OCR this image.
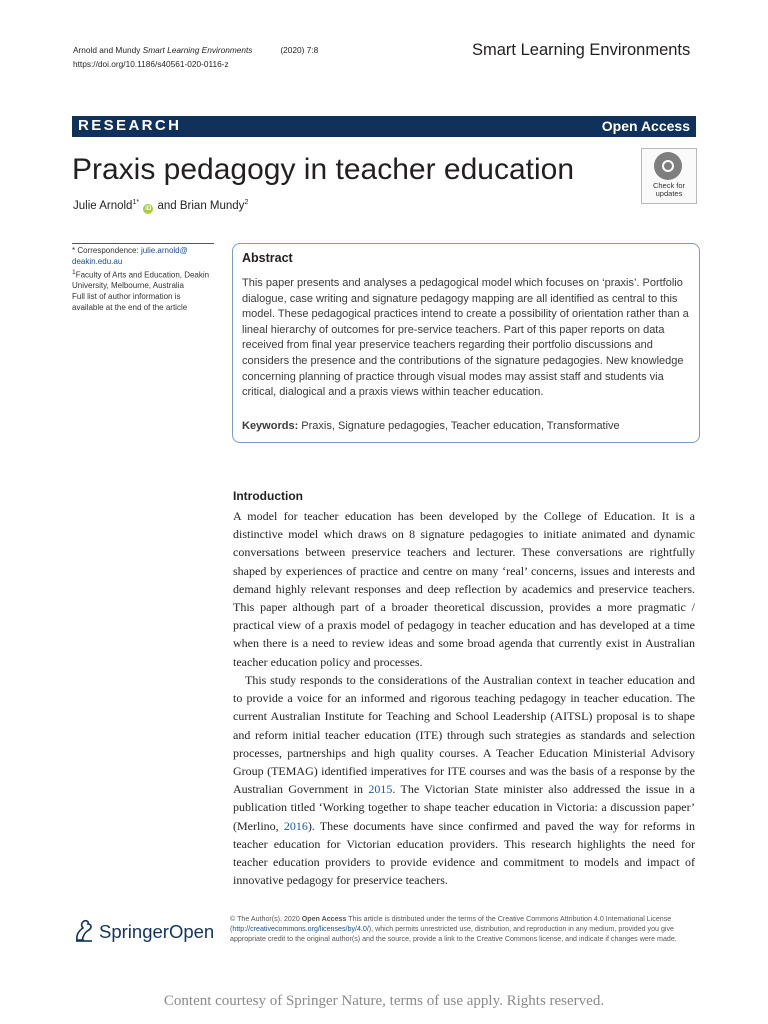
Arnold and Mundy Smart Learning Environments	(2020) 7:8
https://doi.org/10.1186/s40561-020-0116-z
Smart Learning Environments
RESEARCH	Open Access
Praxis pedagogy in teacher education	Check for
updates
Julie Arnold$^{1*}$ iD and Brian Mundy$^2$
* Correspondence: julie.arnold@
deakin.edu.au
$^1$Faculty of Arts and Education, Deakin University, Melbourne, Australia
Full list of author information is available at the end of the article
Abstract
This paper presents and analyses a pedagogical model which focuses on ‘praxis’. Portfolio dialogue, case writing and signature pedagogy mapping are all identified as central to this model. These pedagogical practices intend to create a possibility of orientation rather than a lineal hierarchy of outcomes for pre-service teachers. Part of this paper reports on data received from final year preservice teachers regarding their portfolio discussions and considers the presence and the contributions of the signature pedagogies. New knowledge concerning planning of practice through visual modes may assist staff and students via critical, dialogical and a praxis views within teacher education.
Keywords: Praxis, Signature pedagogies, Teacher education, Transformative
Introduction

A model for teacher education has been developed by the College of Education. It is a distinctive model which draws on 8 signature pedagogies to initiate animated and dynamic conversations between preservice teachers and lecturer. These conversations are rightfully shaped by experiences of practice and centre on many ‘real’ concerns, issues and interests and demand highly relevant responses and deep reflection by academics and preservice teachers. This paper although part of a broader theoretical discussion, provides a more pragmatic / practical view of a praxis model of pedagogy in teacher education and has developed at a time when there is a need to review ideas and some broad agenda that currently exist in Australian teacher education policy and processes.

This study responds to the considerations of the Australian context in teacher education and to provide a voice for an informed and rigorous teaching pedagogy in teacher education. The current Australian Institute for Teaching and School Leadership (AITSL) proposal is to shape and reform initial teacher education (ITE) through such strategies as standards and selection processes, partnerships and high quality courses. A Teacher Education Ministerial Advisory Group (TEMAG) identified imperatives for ITE courses and was the basis of a response by the Australian Government in 2015. The Victorian State minister also addressed the issue in a publication titled ‘Working together to shape teacher education in Victoria: a discussion paper’ (Merlino, 2016). These documents have since confirmed and paved the way for reforms in teacher education for Victorian education providers. This research highlights the need for teacher education providers to provide evidence and commitment to models and impact of innovative pedagogy for preservice teachers.

SpringerOpen
© The Author(s). 2020 Open Access This article is distributed under the terms of the Creative Commons Attribution 4.0 International License (http://creativecommons.org/licenses/by/4.0/), which permits unrestricted use, distribution, and reproduction in any medium, provided you give appropriate credit to the original author(s) and the source, provide a link to the Creative Commons license, and indicate if changes were made.
Content courtesy of Springer Nature, terms of use apply. Rights reserved.
